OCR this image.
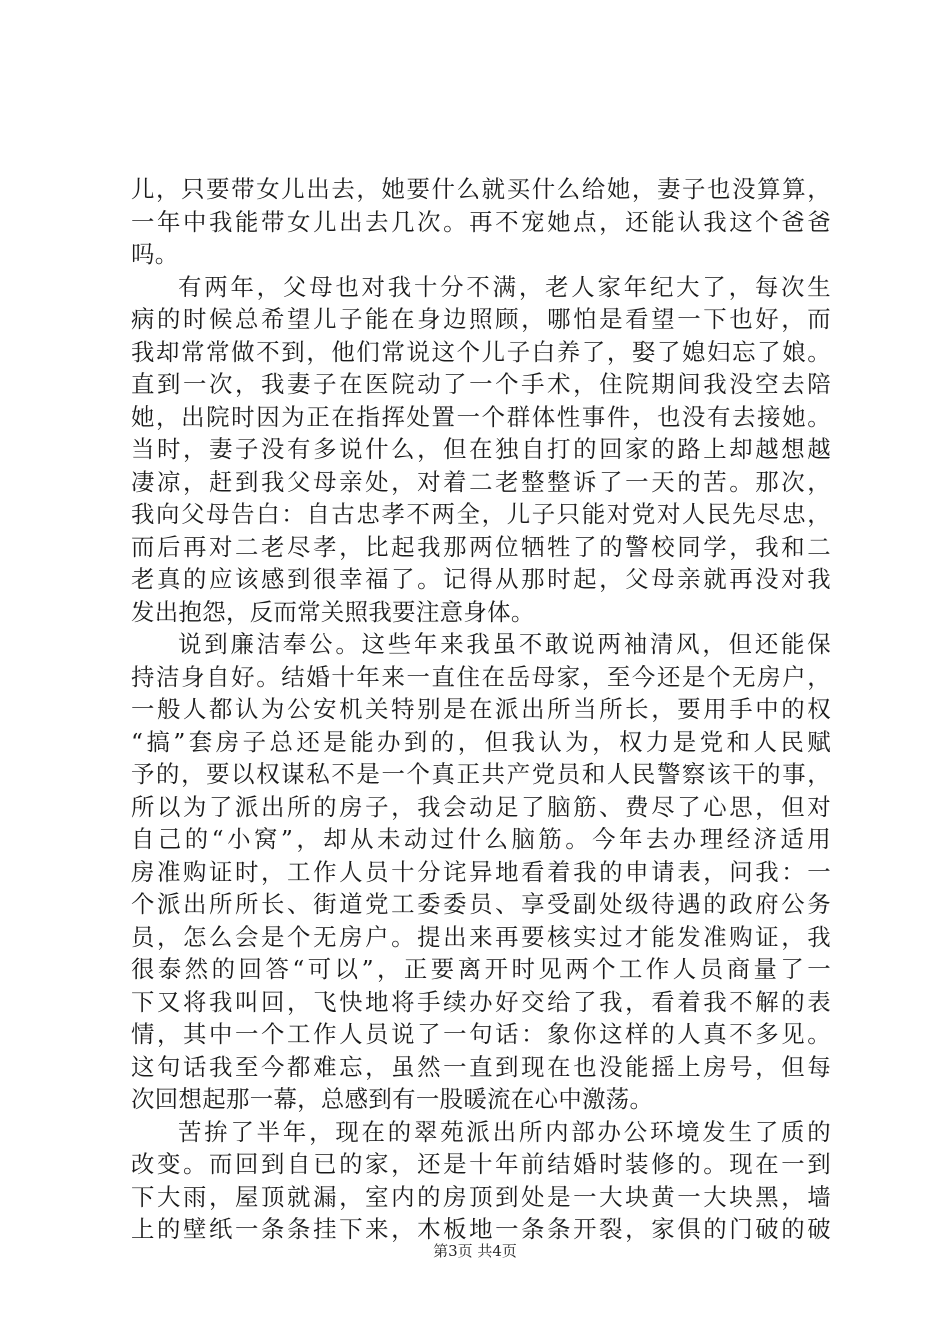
儿，只要带女儿出去，她要什么就买什么给她，妻子也没算算，
一年中我能带女儿出去几次。再不宠她点，还能认我这个爸爸
吗。
有两年，父母也对我十分不满，老人家年纪大了，每次生
病的时候总希望儿子能在身边照顾，哪怕是看望一下也好，而
我却常常做不到，他们常说这个儿子白养了，娶了媳妇忘了娘。
直到一次，我妻子在医院动了一个手术，住院期间我没空去陪
她，出院时因为正在指挥处置一个群体性事件，也没有去接她。
当时，妻子没有多说什么，但在独自打的回家的路上却越想越
凄凉，赶到我父母亲处，对着二老整整诉了一天的苦。那次，
我向父母告白：自古忠孝不两全，儿子只能对党对人民先尽忠，
而后再对二老尽孝，比起我那两位牺牲了的警校同学，我和二
老真的应该感到很幸福了。记得从那时起，父母亲就再没对我
发出抱怨，反而常关照我要注意身体。
说到廉洁奉公。这些年来我虽不敢说两袖清风，但还能保
持洁身自好。结婚十年来一直住在岳母家，至今还是个无房户，
一般人都认为公安机关特别是在派出所当所长，要用手中的权
“搞”套房子总还是能办到的，但我认为，权力是党和人民赋
予的，要以权谋私不是一个真正共产党员和人民警察该干的事，
所以为了派出所的房子，我会动足了脑筋、费尽了心思，但对
自己的“小窝”，却从未动过什么脑筋。今年去办理经济适用
房准购证时，工作人员十分诧异地看着我的申请表，问我：一
个派出所所长、街道党工委委员、享受副处级待遇的政府公务
员，怎么会是个无房户。提出来再要核实过才能发准购证，我
很泰然的回答“可以”，正要离开时见两个工作人员商量了一
下又将我叫回，飞快地将手续办好交给了我，看着我不解的表
情，其中一个工作人员说了一句话：象你这样的人真不多见。
这句话我至今都难忘，虽然一直到现在也没能摇上房号，但每
次回想起那一幕，总感到有一股暖流在心中激荡。
苦拚了半年，现在的翠苑派出所内部办公环境发生了质的
改变。而回到自已的家，还是十年前结婚时装修的。现在一到
下大雨，屋顶就漏，室内的房顶到处是一大块黄一大块黑，墙
上的壁纸一条条挂下来，木板地一条条开裂，家俱的门破的破
第3页 共4页
